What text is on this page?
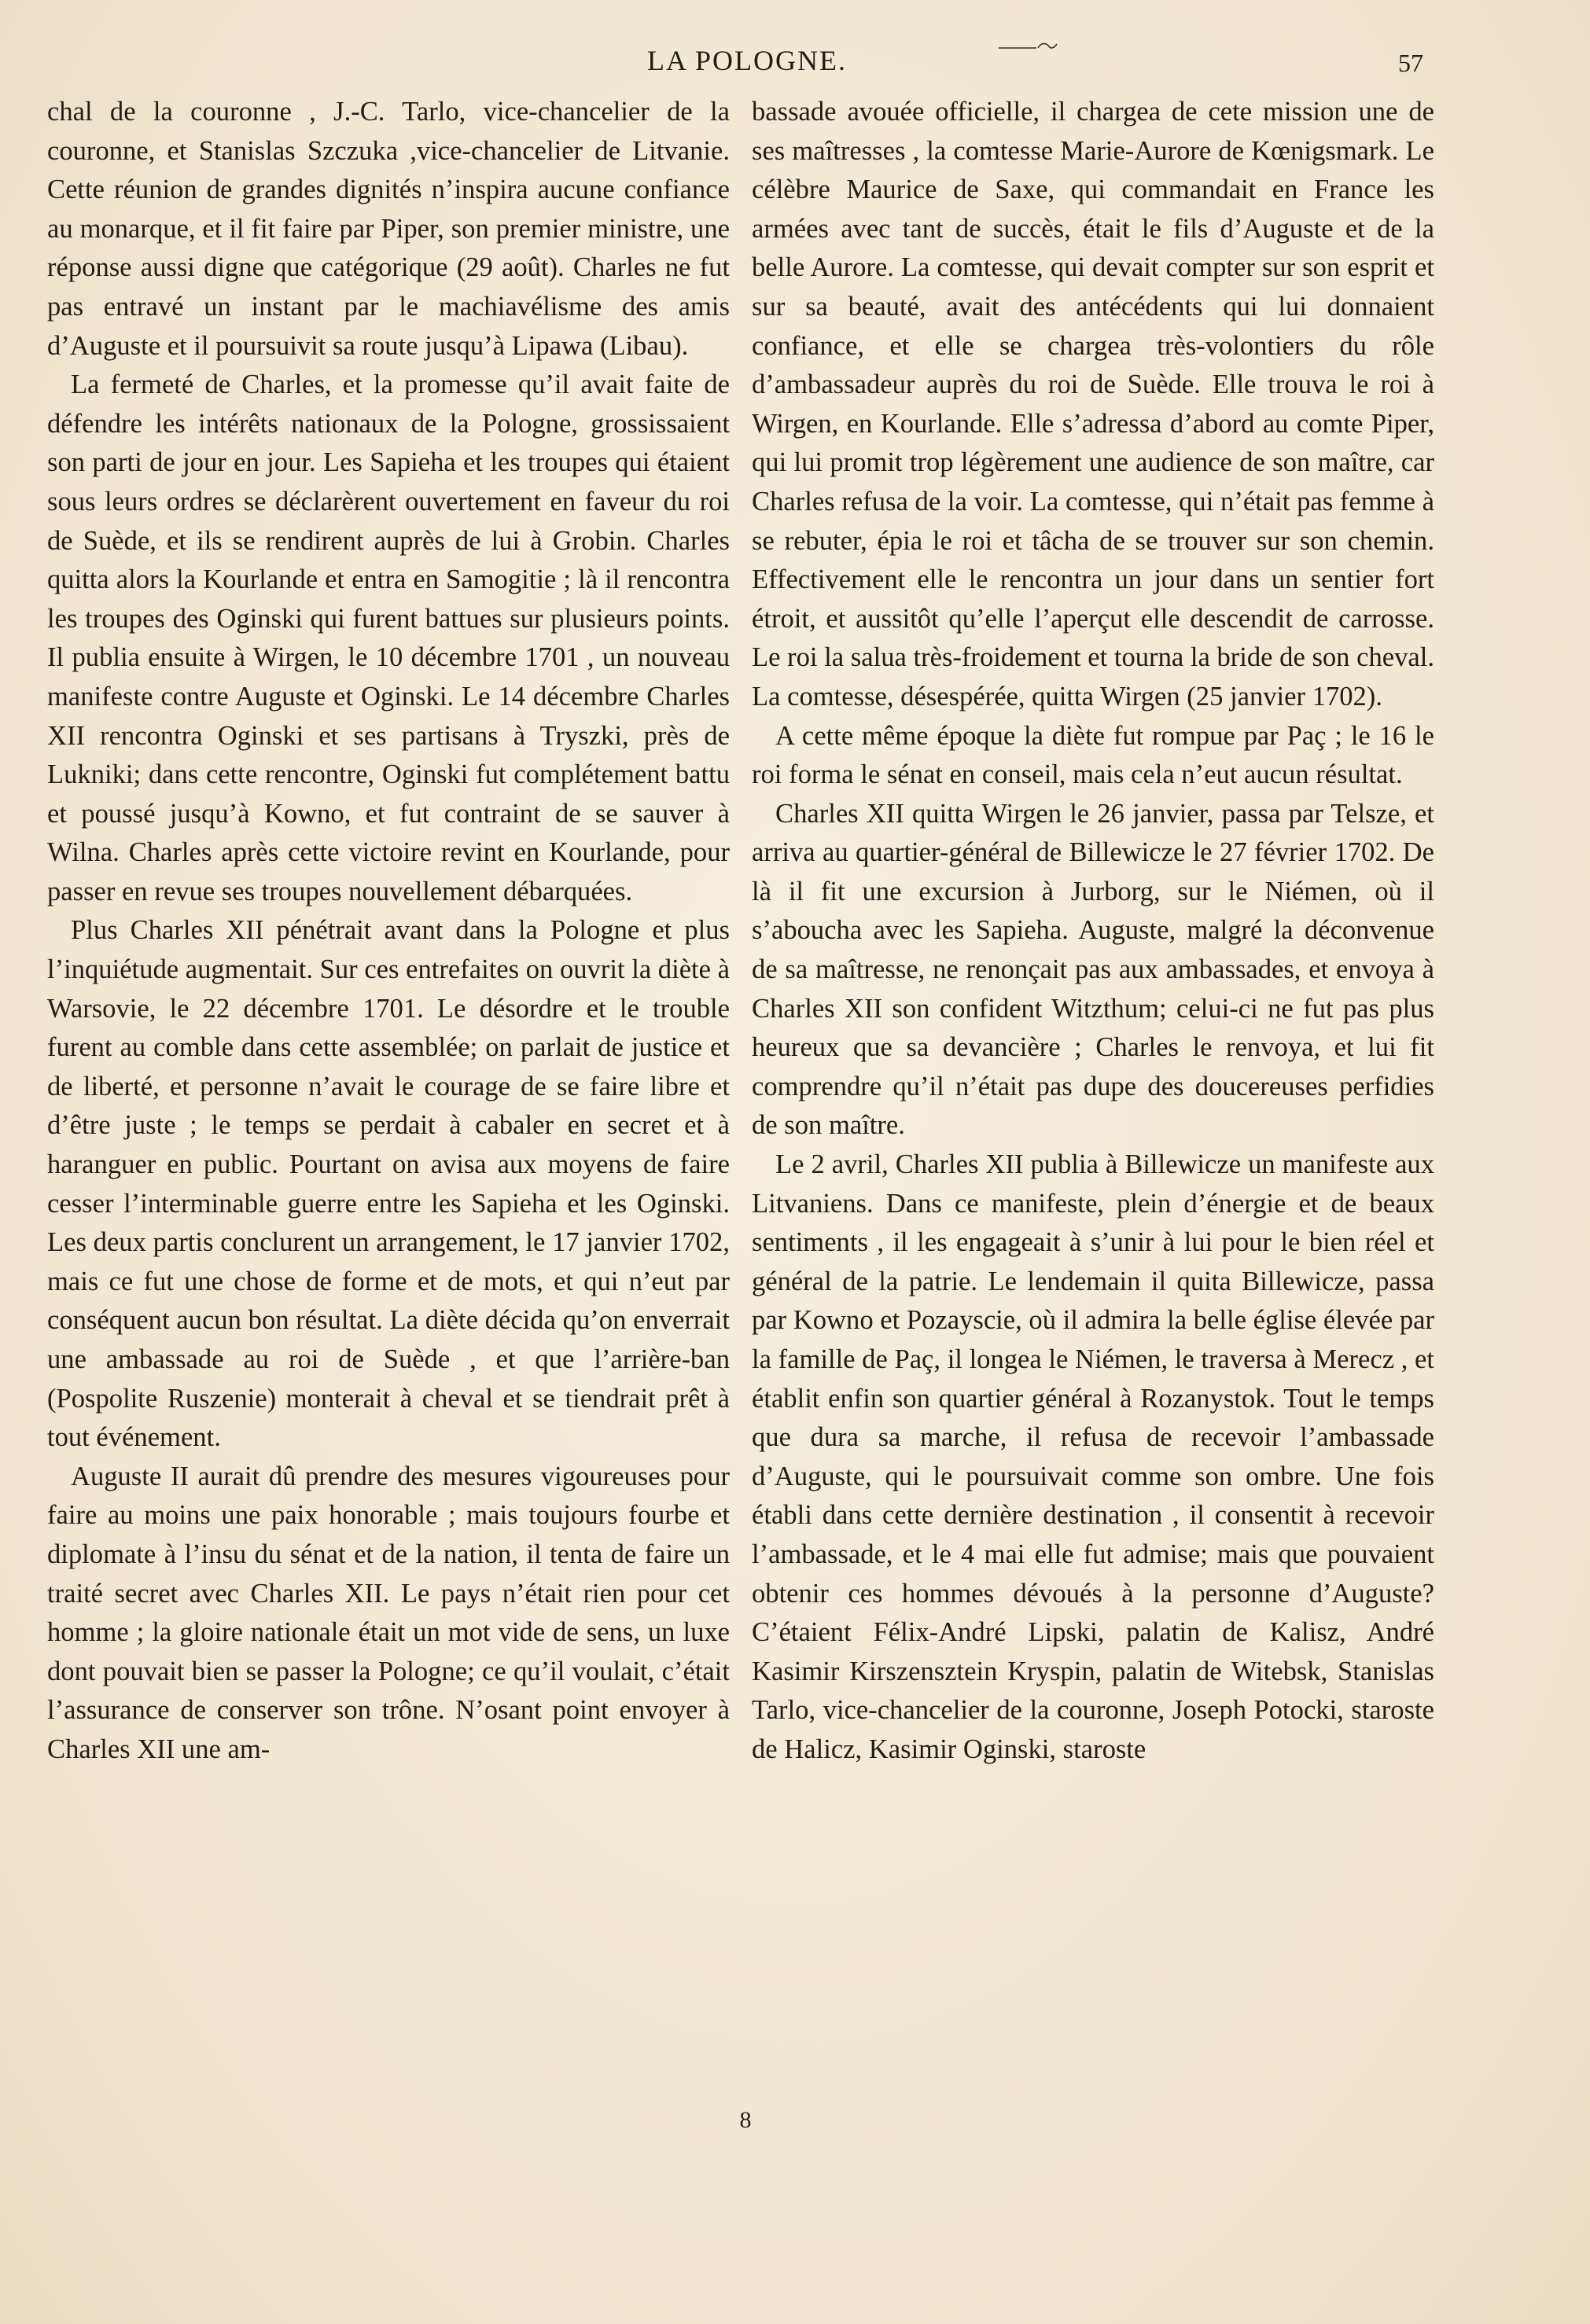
LA POLOGNE.	57

chal de la couronne , J.-C. Tarlo, vice-chancelier de la couronne, et Stanislas Szczuka ,vice-chancelier de Litvanie. Cette réunion de grandes dignités n’inspira aucune confiance au monarque, et il fit faire par Piper, son premier ministre, une réponse aussi digne que catégorique (29 août). Charles ne fut pas entravé un instant par le machiavélisme des amis d’Auguste et il poursuivit sa route jusqu’à Lipawa (Libau).

La fermeté de Charles, et la promesse qu’il avait faite de défendre les intérêts nationaux de la Pologne, grossissaient son parti de jour en jour. Les Sapieha et les troupes qui étaient sous leurs ordres se déclarèrent ouvertement en faveur du roi de Suède, et ils se rendirent auprès de lui à Grobin. Charles quitta alors la Kourlande et entra en Samogitie ; là il rencontra les troupes des Oginski qui furent battues sur plusieurs points. Il publia ensuite à Wirgen, le 10 décembre 1701 , un nouveau manifeste contre Auguste et Oginski. Le 14 décembre Charles XII rencontra Oginski et ses partisans à Tryszki, près de Lukniki; dans cette rencontre, Oginski fut complétement battu et poussé jusqu’à Kowno, et fut contraint de se sauver à Wilna. Charles après cette victoire revint en Kourlande, pour passer en revue ses troupes nouvellement débarquées.

Plus Charles XII pénétrait avant dans la Pologne et plus l’inquiétude augmentait. Sur ces entrefaites on ouvrit la diète à Warsovie, le 22 décembre 1701. Le désordre et le trouble furent au comble dans cette assemblée; on parlait de justice et de liberté, et personne n’avait le courage de se faire libre et d’être juste ; le temps se perdait à cabaler en secret et à haranguer en public. Pourtant on avisa aux moyens de faire cesser l’interminable guerre entre les Sapieha et les Oginski. Les deux partis conclurent un arrangement, le 17 janvier 1702, mais ce fut une chose de forme et de mots, et qui n’eut par conséquent aucun bon résultat. La diète décida qu’on enverrait une ambassade au roi de Suède , et que l’arrière-ban (Pospolite Ruszenie) monterait à cheval et se tiendrait prêt à tout événement.

Auguste II aurait dû prendre des mesures vigoureuses pour faire au moins une paix honorable ; mais toujours fourbe et diplomate à l’insu du sénat et de la nation, il tenta de faire un traité secret avec Charles XII. Le pays n’était rien pour cet homme ; la gloire nationale était un mot vide de sens, un luxe dont pouvait bien se passer la Pologne; ce qu’il voulait, c’était l’assurance de conserver son trône. N’osant point envoyer à Charles XII une am-

bassade avouée officielle, il chargea de cete mission une de ses maîtresses , la comtesse Marie-Aurore de Kœnigsmark. Le célèbre Maurice de Saxe, qui commandait en France les armées avec tant de succès, était le fils d’Auguste et de la belle Aurore. La comtesse, qui devait compter sur son esprit et sur sa beauté, avait des antécédents qui lui donnaient confiance, et elle se chargea très-volontiers du rôle d’ambassadeur auprès du roi de Suède. Elle trouva le roi à Wirgen, en Kourlande. Elle s’adressa d’abord au comte Piper, qui lui promit trop légèrement une audience de son maître, car Charles refusa de la voir. La comtesse, qui n’était pas femme à se rebuter, épia le roi et tâcha de se trouver sur son chemin. Effectivement elle le rencontra un jour dans un sentier fort étroit, et aussitôt qu’elle l’aperçut elle descendit de carrosse. Le roi la salua très-froidement et tourna la bride de son cheval. La comtesse, désespérée, quitta Wirgen (25 janvier 1702).

A cette même époque la diète fut rompue par Paç ; le 16 le roi forma le sénat en conseil, mais cela n’eut aucun résultat.

Charles XII quitta Wirgen le 26 janvier, passa par Telsze, et arriva au quartier-général de Billewicze le 27 février 1702. De là il fit une excursion à Jurborg, sur le Niémen, où il s’aboucha avec les Sapieha. Auguste, malgré la déconvenue de sa maîtresse, ne renonçait pas aux ambassades, et envoya à Charles XII son confident Witzthum; celui-ci ne fut pas plus heureux que sa devancière ; Charles le renvoya, et lui fit comprendre qu’il n’était pas dupe des doucereuses perfidies de son maître.

Le 2 avril, Charles XII publia à Billewicze un manifeste aux Litvaniens. Dans ce manifeste, plein d’énergie et de beaux sentiments , il les engageait à s’unir à lui pour le bien réel et général de la patrie. Le lendemain il quita Billewicze, passa par Kowno et Pozayscie, où il admira la belle église élevée par la famille de Paç, il longea le Niémen, le traversa à Merecz , et établit enfin son quartier général à Rozanystok. Tout le temps que dura sa marche, il refusa de recevoir l’ambassade d’Auguste, qui le poursuivait comme son ombre. Une fois établi dans cette dernière destination , il consentit à recevoir l’ambassade, et le 4 mai elle fut admise; mais que pouvaient obtenir ces hommes dévoués à la personne d’Auguste? C’étaient Félix-André Lipski, palatin de Kalisz, André Kasimir Kirszensztein Kryspin, palatin de Witebsk, Stanislas Tarlo, vice-chancelier de la couronne, Joseph Potocki, staroste de Halicz, Kasimir Oginski, staroste

8
